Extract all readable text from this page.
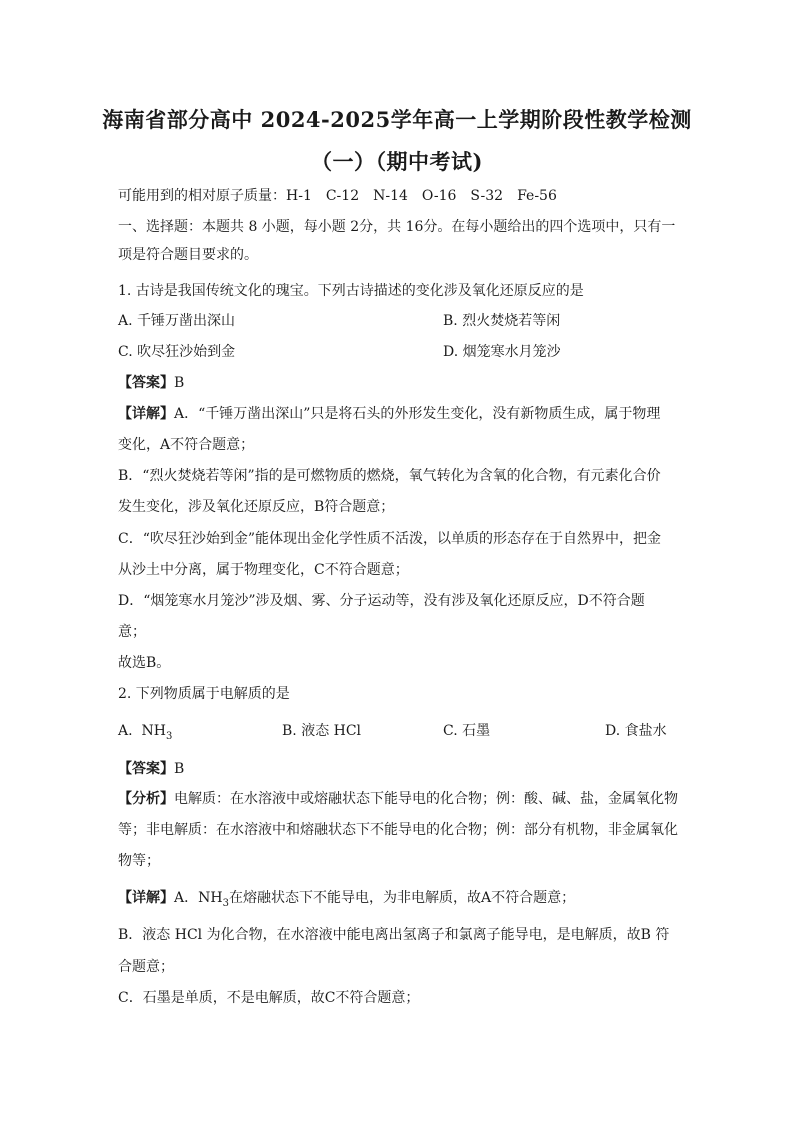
海南省部分高中 2024-2025学年高一上学期阶段性教学检测
（一）（期中考试)
可能用到的相对原子质量：H-1　C-12　N-14　O-16　S-32　Fe-56
一、选择题：本题共 8 小题，每小题 2分，共 16分。在每小题给出的四个选项中，只有一
项是符合题目要求的。
1. 古诗是我国传统文化的瑰宝。下列古诗描述的变化涉及氧化还原反应的是
A. 千锤万凿出深山	B. 烈火焚烧若等闲
C. 吹尽狂沙始到金	D. 烟笼寒水月笼沙
【答案】B
【详解】A．“千锤万凿出深山”只是将石头的外形发生变化，没有新物质生成，属于物理
变化，A不符合题意；
B．“烈火焚烧若等闲”指的是可燃物质的燃烧，氧气转化为含氧的化合物，有元素化合价
发生变化，涉及氧化还原反应，B符合题意；
C．“吹尽狂沙始到金”能体现出金化学性质不活泼，以单质的形态存在于自然界中，把金
从沙土中分离，属于物理变化，C不符合题意；
D．“烟笼寒水月笼沙”涉及烟、雾、分子运动等，没有涉及氧化还原反应，D不符合题
意；
故选B。
2. 下列物质属于电解质的是
A. $NH_3$	B. 液态 HCl	C. 石墨	D. 食盐水
【答案】B
【分析】电解质：在水溶液中或熔融状态下能导电的化合物；例：酸、碱、盐，金属氧化物
等；非电解质：在水溶液中和熔融状态下不能导电的化合物；例：部分有机物，非金属氧化
物等；
【详解】A．$NH_3$在熔融状态下不能导电，为非电解质，故A不符合题意；
B．液态 HCl 为化合物，在水溶液中能电离出氢离子和氯离子能导电，是电解质，故B 符
合题意；
C．石墨是单质，不是电解质，故C不符合题意；
